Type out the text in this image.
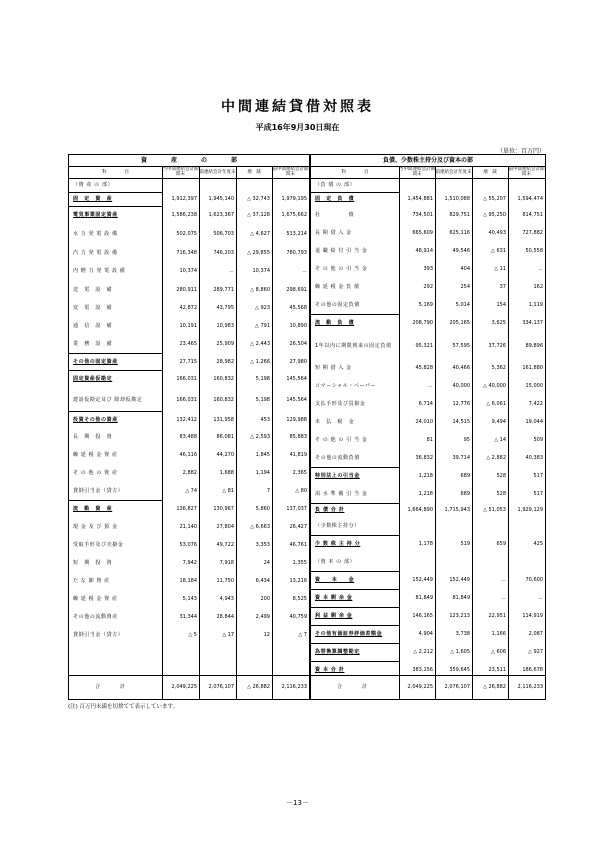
中間連結貸借対照表
平成16年9月30日現在
（単位：百万円）
資　　　　産　　　　の　　　　部
科　　　　目	当中間連結会計期間末	前連結会計年度末	増　減	前中間連結会計期間末
（資 産 の 部）
固　定　資　産	1,912,397	1,945,140	△ 32,743	1,979,195
電気事業固定資産	1,586,238	1,623,367	△ 37,128	1,675,662
水 力 発 電 設 備	502,075	506,703	△ 4,627	513,214
汽 力 発 電 設 備	716,348	746,203	△ 29,855	780,793
内 燃 力 発 電 設 備	10,374	－	10,374	－
送　電　設　備	280,911	289,771	△ 8,860	298,691
変　電　設　備	42,872	43,795	△ 923	45,568
通　信　設　備	10,191	10,983	△ 791	10,890
業　務　設　備	23,465	25,909	△ 2,443	26,504
その他の固定資産	27,715	28,982	△ 1,266	27,980
固定資産仮勘定	166,031	160,832	5,198	145,564
建設仮勘定及び 除却仮勘定	166,031	160,832	5,198	145,564
投資その他の資産	132,412	131,958	453	129,988
長　期　投　資	83,488	86,081	△ 2,593	85,883
繰 延 税 金 資 産	46,116	44,270	1,845	41,819
そ の 他 の 資 産	2,882	1,688	1,194	2,365
貸倒引当金（貸方）	△ 74	△ 81	7	△ 80
流　動　資　産	136,827	130,967	5,860	137,037
現 金 及 び 預 金	21,140	27,804	△ 6,663	26,427
受取手形及び売掛金	53,076	49,722	3,353	46,761
短　期　投　資	7,942	7,918	24	1,355
た な 卸 資 産	18,184	11,750	6,434	13,216
繰 延 税 金 資 産	5,143	4,943	200	8,525
その他の流動資産	31,344	28,844	2,499	40,759
貸倒引当金（貸方）	△ 5	△ 17	12	△ 7
合計	2,049,225	2,076,107	△ 26,882	2,116,233
負債、少数株主持分及び資本の部
科　　　　目	当中間連結会計期間末	前連結会計年度末	増　減	前中間連結会計期間末
（負 債 の 部）
固　定　負　債	1,454,881	1,510,088	△ 55,207	1,594,474
社　　　　　債	734,501	829,751	△ 95,250	814,751
長 期 借 入 金	665,609	625,116	40,493	727,882
退 職 給 付 引 当 金	48,914	49,546	△ 631	50,558
そ の 他 の 引 当 金	393	404	△ 11	－
繰 延 税 金 負 債	292	254	37	162
その他の固定負債	5,169	5,014	154	1,119
流　動　負　債	208,790	205,165	3,625	334,137
1年以内に期限到来の固定負債	95,321	57,595	37,726	89,896
短 期 借 入 金	45,828	40,466	5,362	161,880
コマーシャル・ペーパー	－	40,000	△ 40,000	15,000
支払手形及び買掛金	6,714	12,776	△ 6,061	7,422
未　払　税　金	24,010	14,515	9,494	19,044
そ の 他 の 引 当 金	81	95	△ 14	509
その他の流動負債	36,832	39,714	△ 2,882	40,383
特別法上の引当金	1,218	689	528	517
渇 水 準 備 引 当 金	1,218	689	528	517
負 債 合 計	1,664,890	1,715,943	△ 51,053	1,929,129
（少数株主持分）
少 数 株 主 持 分	1,178	519	659	425
（資 本 の 部）
資　　本　　金	152,449	152,449	－	70,600
資 本 剰 余 金	81,849	81,849	－	－
利 益 剰 余 金	146,165	123,213	22,951	114,919
その他有価証券評価差額金	4,904	3,738	1,166	2,087
為替換算調整勘定	△ 2,212	△ 1,605	△ 606	△ 927
資 本 合 計	383,156	359,645	23,511	186,678
合計	2,049,225	2,076,107	△ 26,882	2,116,233
(注) 百万円未満を切捨てて表示しています。
－13－
